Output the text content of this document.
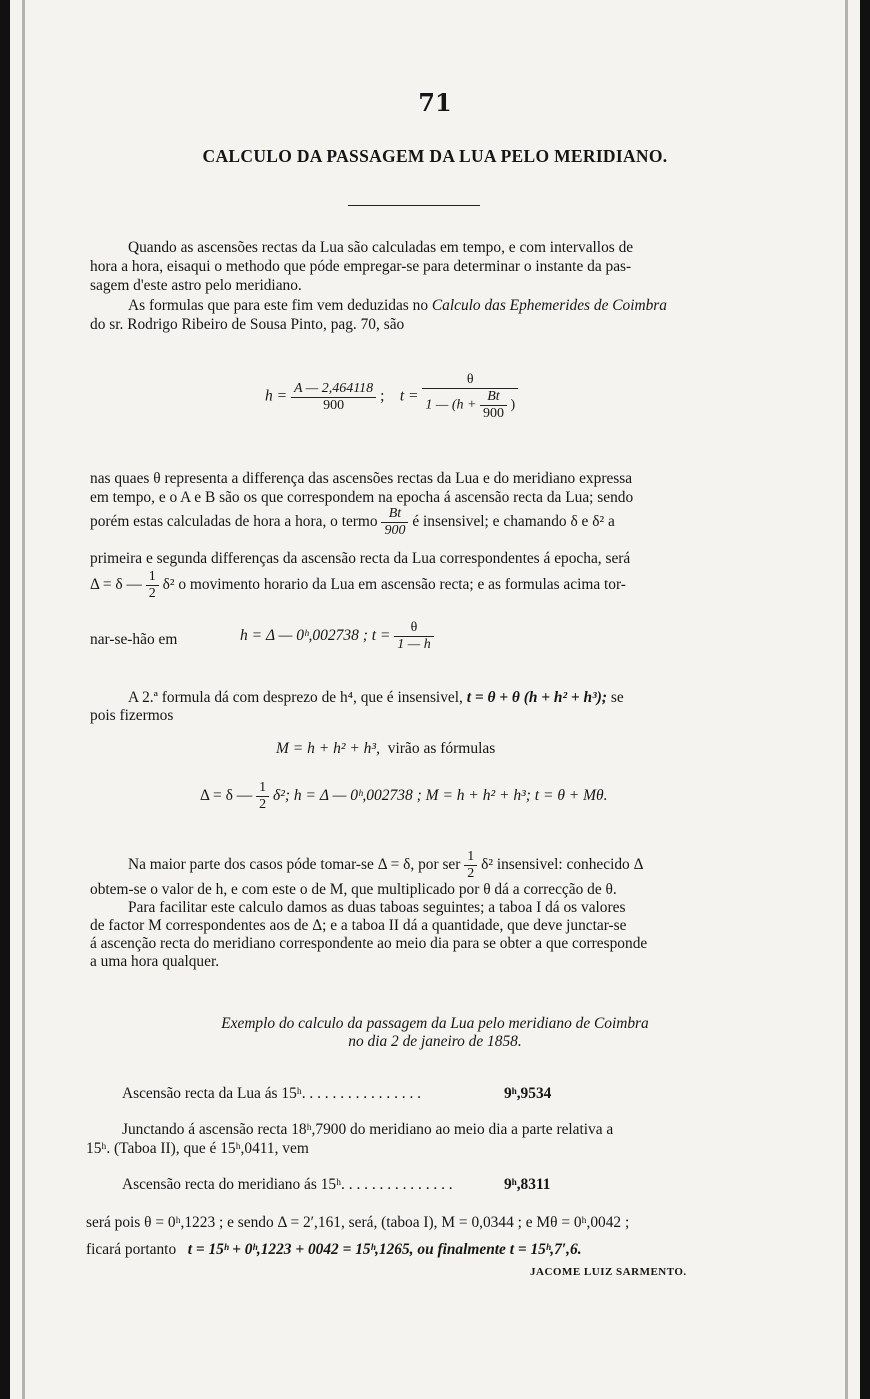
71
CALCULO DA PASSAGEM DA LUA PELO MERIDIANO.
Quando as ascensões rectas da Lua são calculadas em tempo, e com intervallos de
hora a hora, eisaqui o methodo que póde empregar-se para determinar o instante da pas-
sagem d'este astro pelo meridiano.
As formulas que para este fim vem deduzidas no Calculo das Ephemerides de Coimbra
do sr. Rodrigo Ribeiro de Sousa Pinto, pag. 70, são
$h = \frac{A — 2,464118}{900}$ ; t =
θ
1 — ($h + \frac{Bt}{900}$ )
nas quaes θ representa a differença das ascensões rectas da Lua e do meridiano expressa
em tempo, e o A e B são os que correspondem na epocha á ascensão recta da Lua; sendo
porém estas calculadas de hora a hora, o termo $\frac{Bt}{900}$ é insensivel; e chamando δ e δ² a
primeira e segunda differenças da ascensão recta da Lua correspondentes á epocha, será
Δ = δ — $\frac{1}{2} \delta^2$ o movimento horario da Lua em ascensão recta; e as formulas acima tor-
nar-se-hão em	h = Δ — 0ʰ,002738 ; $t = \frac{\theta}{1 — h}$
A 2.ª formula dá com desprezo de h⁴, que é insensivel, t = θ + θ (h + h² + h³); se
pois fizermos
M = h + h² + h³, virão as fórmulas
Δ = δ — $\frac{1}{2} \delta^2$; h = Δ — 0ʰ,002738 ; M = h + h² + h³; t = θ + Mθ.
Na maior parte dos casos póde tomar-se Δ = δ, por ser $\frac{1}{2} \delta^2$ insensivel: conhecido Δ
obtem-se o valor de h, e com este o de M, que multiplicado por θ dá a correcção de θ.
Para facilitar este calculo damos as duas taboas seguintes; a taboa I dá os valores
de factor M correspondentes aos de Δ; e a taboa II dá a quantidade, que deve junctar-se
á ascenção recta do meridiano correspondente ao meio dia para se obter a que corresponde
a uma hora qualquer.
Exemplo do calculo da passagem da Lua pelo meridiano de Coimbra
no dia 2 de janeiro de 1858.
Ascensão recta da Lua ás 15ʰ. . . . . . . . . . . . . . . .	9ʰ,9534
Junctando á ascensão recta 18ʰ,7900 do meridiano ao meio dia a parte relativa a
15ʰ. (Taboa II), que é 15ʰ,0411, vem
Ascensão recta do meridiano ás 15ʰ. . . . . . . . . . . . . . .	9ʰ,8311
será pois θ = 0ʰ,1223 ; e sendo Δ = 2′,161, será, (taboa I), M = 0,0344 ; e Mθ = 0ʰ,0042 ;
ficará portanto t = 15ʰ + 0ʰ,1223 + 0042 = 15ʰ,1265, ou finalmente t = 15ʰ,7′,6.
JACOME LUIZ SARMENTO.
